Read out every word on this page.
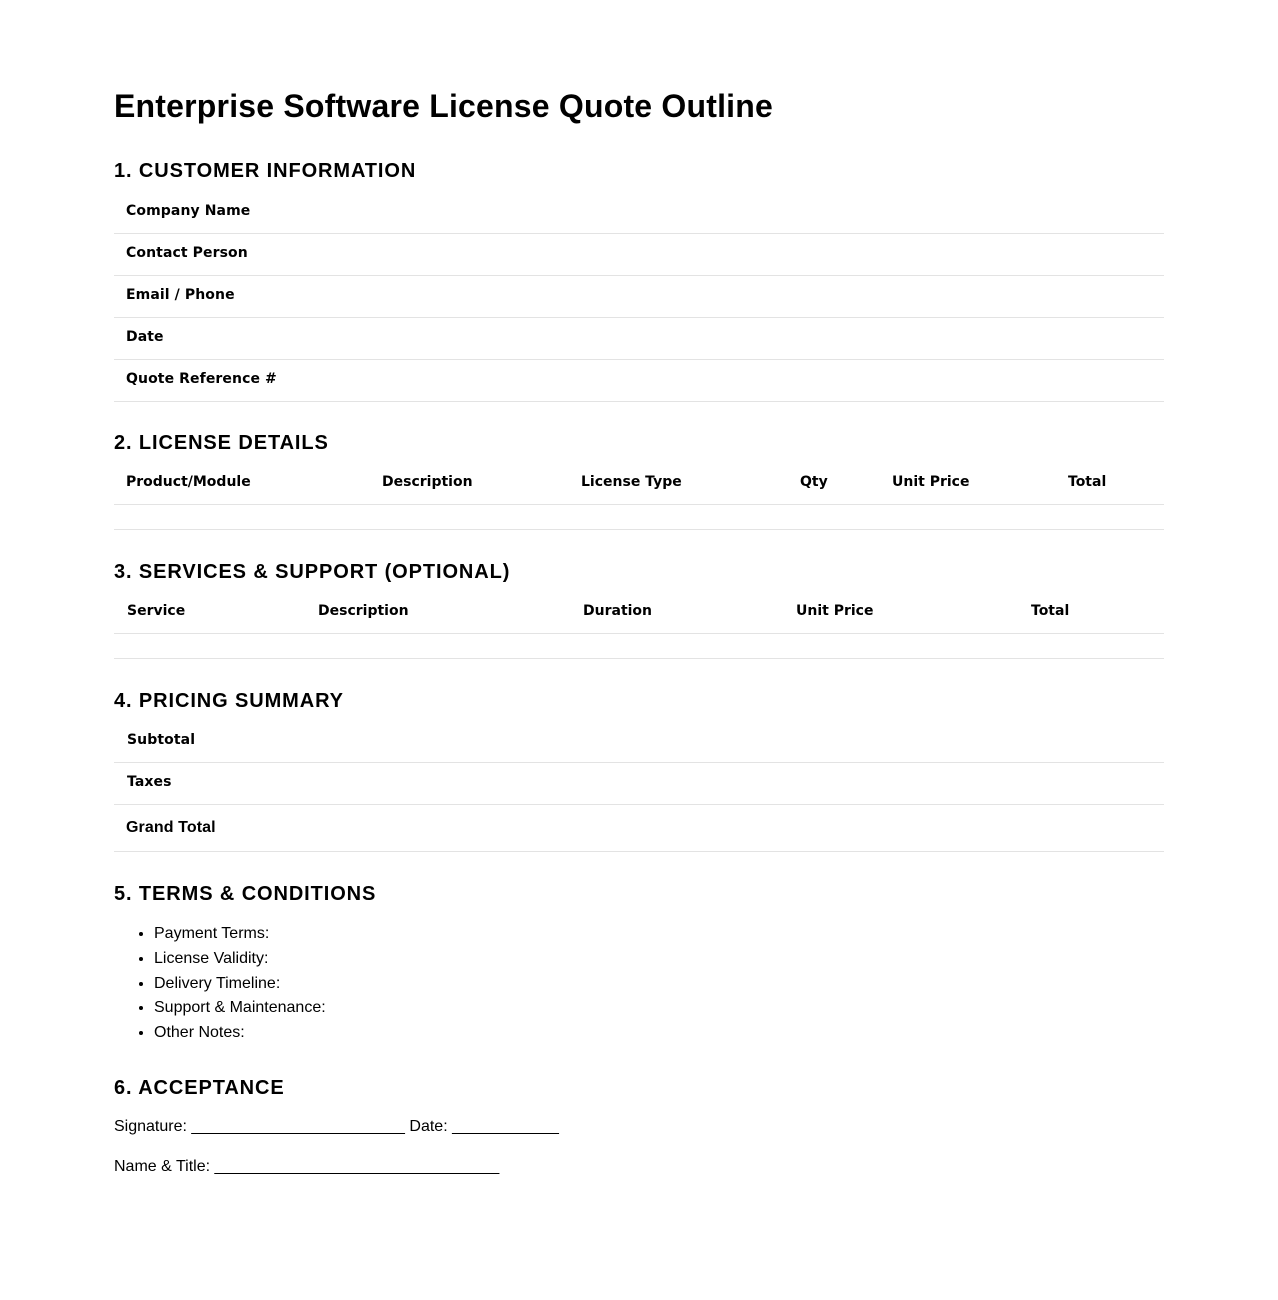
Enterprise Software License Quote Outline
1. CUSTOMER INFORMATION
Company Name
Contact Person
Email / Phone
Date
Quote Reference #
2. LICENSE DETAILS
Product/Module	Description	License Type	Qty	Unit Price	Total
3. SERVICES & SUPPORT (OPTIONAL)
Service	Description	Duration	Unit Price	Total
4. PRICING SUMMARY
Subtotal
Taxes
Grand Total
5. TERMS & CONDITIONS
• Payment Terms:
• License Validity:
• Delivery Timeline:
• Support & Maintenance:
• Other Notes:
6. ACCEPTANCE
Signature: ________________________ Date: ____________
Name & Title: ________________________________
